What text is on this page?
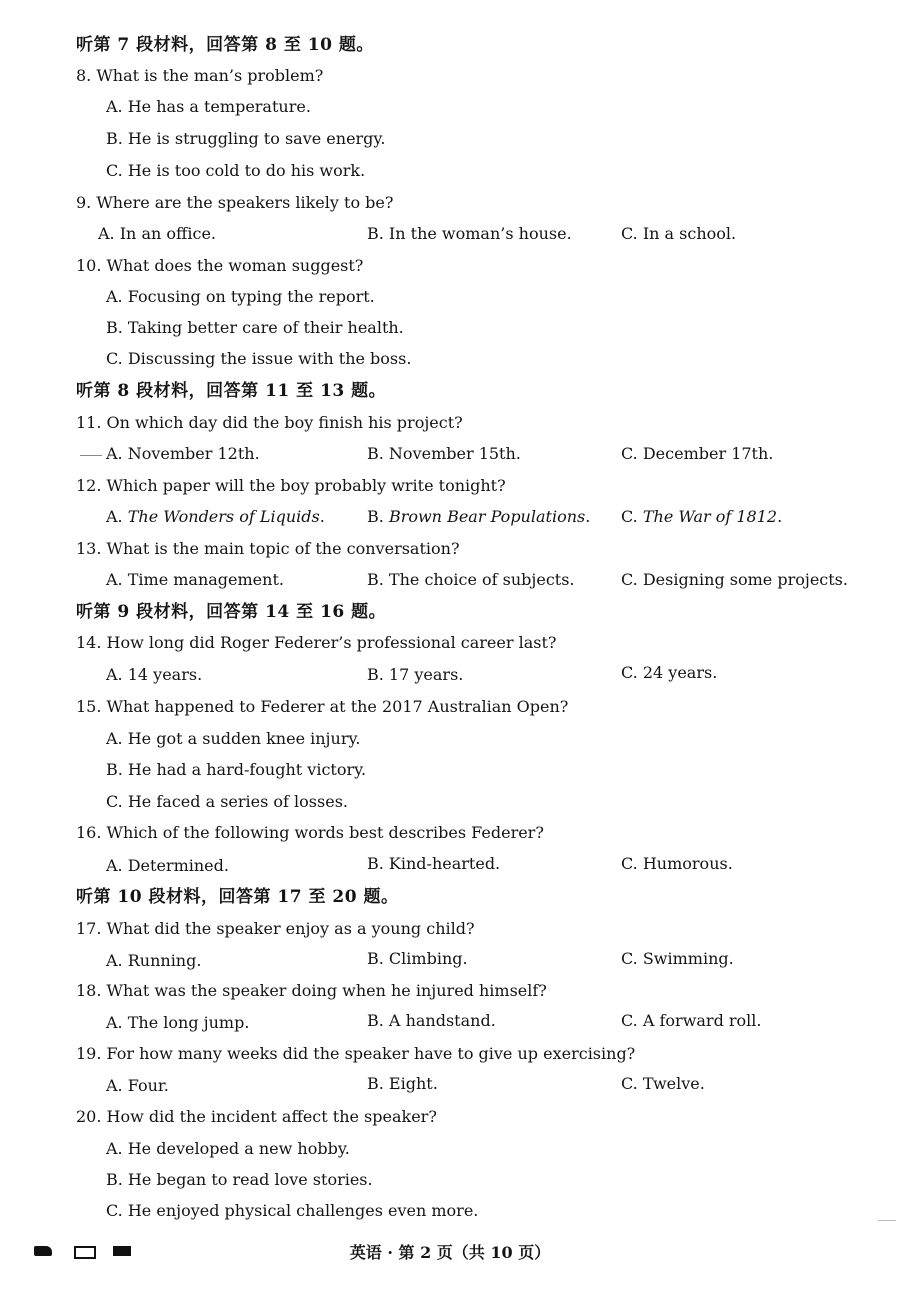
听第 7 段材料，回答第 8 至 10 题。
8. What is the man’s problem?
A. He has a temperature.
B. He is struggling to save energy.
C. He is too cold to do his work.
9. Where are the speakers likely to be?
A. In an office.	B. In the woman’s house.	C. In a school.
10. What does the woman suggest?
A. Focusing on typing the report.
B. Taking better care of their health.
C. Discussing the issue with the boss.
听第 8 段材料，回答第 11 至 13 题。
11. On which day did the boy finish his project?
A. November 12th.	B. November 15th.	C. December 17th.
12. Which paper will the boy probably write tonight?
A. The Wonders of Liquids.	B. Brown Bear Populations. C. The War of 1812.
13. What is the main topic of the conversation?
A. Time management.	B. The choice of subjects.	C. Designing some projects.
听第 9 段材料，回答第 14 至 16 题。
14. How long did Roger Federer’s professional career last?
A. 14 years.	B. 17 years.	C. 24 years.
15. What happened to Federer at the 2017 Australian Open?
A. He got a sudden knee injury.
B. He had a hard-fought victory.
C. He faced a series of losses.
16. Which of the following words best describes Federer?
A. Determined.	B. Kind-hearted.	C. Humorous.
听第 10 段材料，回答第 17 至 20 题。
17. What did the speaker enjoy as a young child?
A. Running.	B. Climbing.	C. Swimming.
18. What was the speaker doing when he injured himself?
A. The long jump.	B. A handstand.	C. A forward roll.
19. For how many weeks did the speaker have to give up exercising?
A. Four.	B. Eight.	C. Twelve.
20. How did the incident affect the speaker?
A. He developed a new hobby.
B. He began to read love stories.
C. He enjoyed physical challenges even more.
英语 · 第 2 页（共 10 页）
